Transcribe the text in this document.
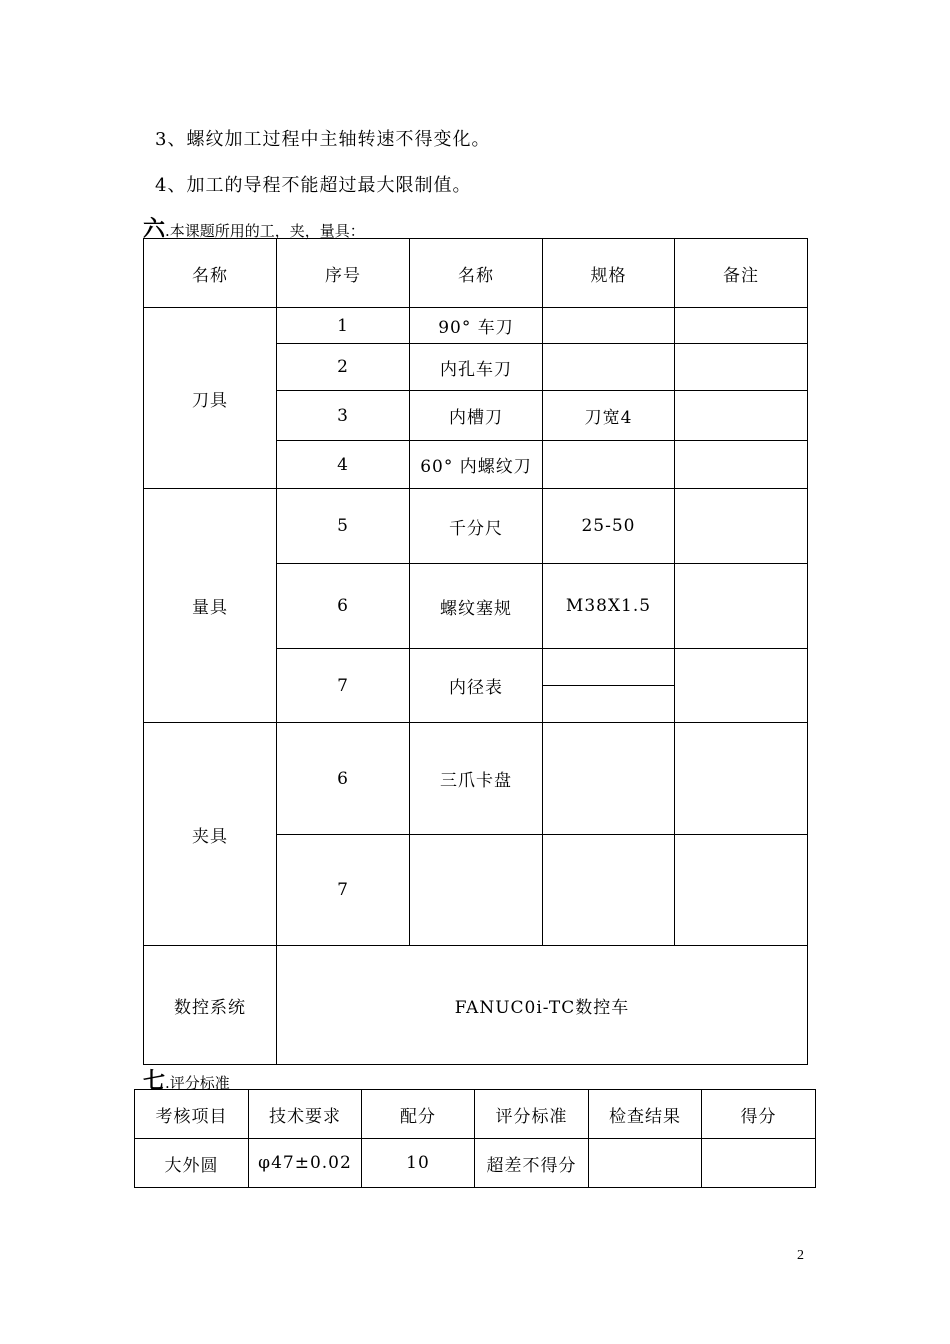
3、螺纹加工过程中主轴转速不得变化。
4、加工的导程不能超过最大限制值。
六.本课题所用的工，夹，量具：
名称	序号	名称	规格	备注
刀具	1	90° 车刀		
	2	内孔车刀		
	3	内槽刀	刀宽4	
	4	60° 内螺纹刀		
量具	5	千分尺	25-50	
	6	螺纹塞规	M38X1.5	
	7	内径表	

夹具	6	三爪卡盘		
	7			
数控系统	FANUC0i-TC数控车			
七.评分标准
考核项目	技术要求	配分	评分标准	检查结果	得分
大外圆	φ47±0.02	10	超差不得分		
2
